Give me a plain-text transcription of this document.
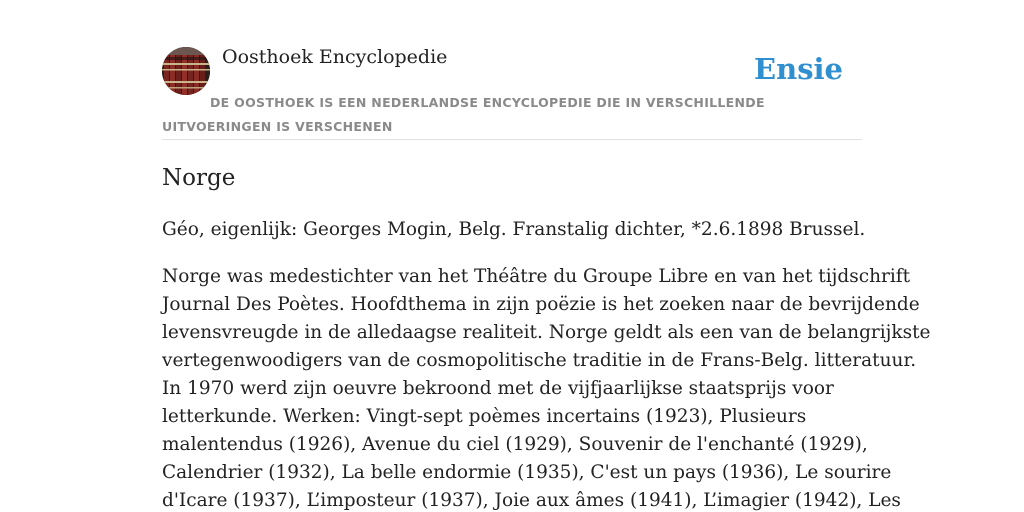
Oosthoek Encyclopedie	Ensie

DE OOSTHOEK IS EEN NEDERLANDSE ENCYCLOPEDIE DIE IN VERSCHILLENDE UITVOERINGEN IS VERSCHENEN

Norge

Géo, eigenlijk: Georges Mogin, Belg. Franstalig dichter, *2.6.1898 Brussel.

Norge was medestichter van het Théâtre du Groupe Libre en van het tijdschrift
Journal Des Poètes. Hoofdthema in zijn poëzie is het zoeken naar de bevrijdende
levensvreugde in de alledaagse realiteit. Norge geldt als een van de belangrijkste
vertegenwoodigers van de cosmopolitische traditie in de Frans-Belg. litteratuur.
In 1970 werd zijn oeuvre bekroond met de vijfjaarlijkse staatsprijs voor
letterkunde. Werken: Vingt-sept poèmes incertains (1923), Plusieurs
malentendus (1926), Avenue du ciel (1929), Souvenir de l'enchanté (1929),
Calendrier (1932), La belle endormie (1935), C'est un pays (1936), Le sourire
d'Icare (1937), L’imposteur (1937), Joie aux âmes (1941), L’imagier (1942), Les
